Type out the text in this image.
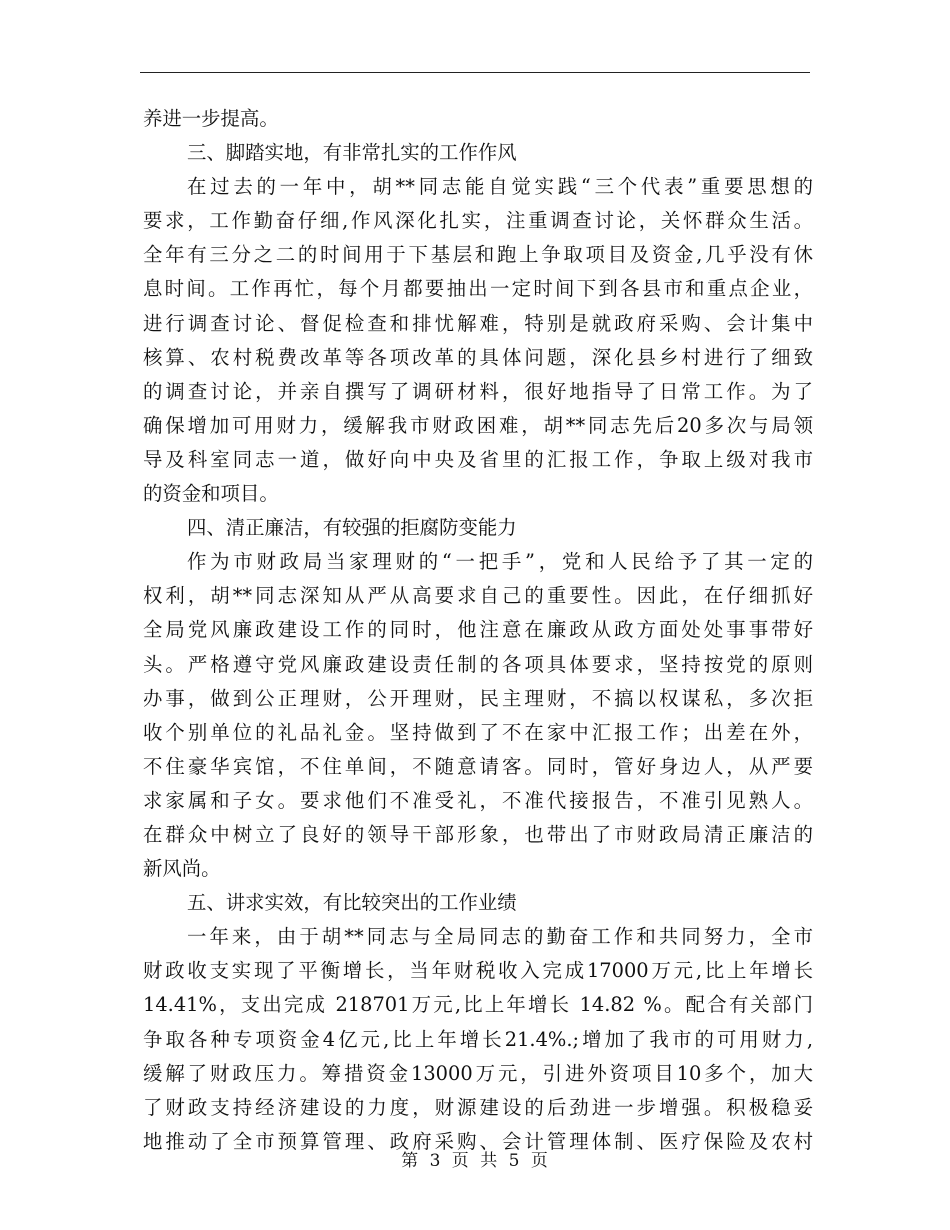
养进一步提高。
三、脚踏实地，有非常扎实的工作作风
在过去的一年中，胡**同志能自觉实践“三个代表”重要思想的
要求，工作勤奋仔细,作风深化扎实，注重调查讨论，关怀群众生活。
全年有三分之二的时间用于下基层和跑上争取项目及资金,几乎没有休
息时间。工作再忙，每个月都要抽出一定时间下到各县市和重点企业，
进行调查讨论、督促检查和排忧解难，特别是就政府采购、会计集中
核算、农村税费改革等各项改革的具体问题，深化县乡村进行了细致
的调查讨论，并亲自撰写了调研材料，很好地指导了日常工作。为了
确保增加可用财力，缓解我市财政困难，胡**同志先后20多次与局领
导及科室同志一道，做好向中央及省里的汇报工作，争取上级对我市
的资金和项目。
四、清正廉洁，有较强的拒腐防变能力
作为市财政局当家理财的“一把手”，党和人民给予了其一定的
权利，胡**同志深知从严从高要求自己的重要性。因此，在仔细抓好
全局党风廉政建设工作的同时，他注意在廉政从政方面处处事事带好
头。严格遵守党风廉政建设责任制的各项具体要求，坚持按党的原则
办事，做到公正理财，公开理财，民主理财，不搞以权谋私，多次拒
收个别单位的礼品礼金。坚持做到了不在家中汇报工作；出差在外，
不住豪华宾馆，不住单间，不随意请客。同时，管好身边人，从严要
求家属和子女。要求他们不准受礼，不准代接报告，不准引见熟人。
在群众中树立了良好的领导干部形象，也带出了市财政局清正廉洁的
新风尚。
五、讲求实效，有比较突出的工作业绩
一年来，由于胡**同志与全局同志的勤奋工作和共同努力，全市
财政收支实现了平衡增长，当年财税收入完成17000万元,比上年增长
14.41%，支出完成 218701万元,比上年增长 14.82 %。配合有关部门
争取各种专项资金4亿元,比上年增长21.4%.;增加了我市的可用财力,
缓解了财政压力。筹措资金13000万元，引进外资项目10多个，加大
了财政支持经济建设的力度，财源建设的后劲进一步增强。积极稳妥
地推动了全市预算管理、政府采购、会计管理体制、医疗保险及农村
第 3 页 共 5 页
